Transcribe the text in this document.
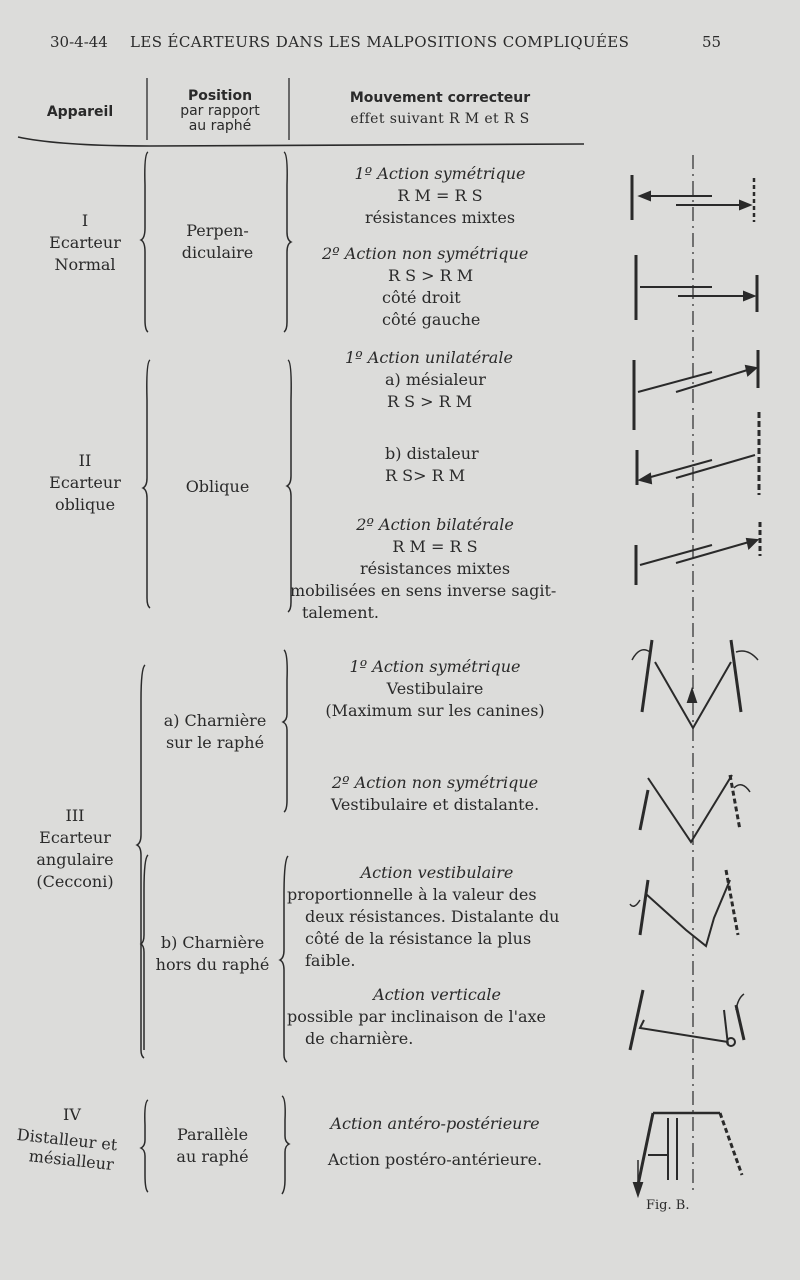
30-4-44 LES ÉCARTEURS DANS LES MALPOSITIONS COMPLIQUÉES	55
Appareil
Position
par rapport
au raphé
Mouvement correcteur
effet suivant R M et R S
I
Ecarteur
Normal
Perpen-
diculaire
1º Action symétrique
R M = R S
résistances mixtes
2º Action non symétrique
R S > R M
côté droit
côté gauche
II
Ecarteur
oblique
Oblique
1º Action unilatérale
a) mésialeur
R S > R M
b) distaleur
R S> R M
2º Action bilatérale
R M = R S
résistances mixtes
mobilisées en sens inverse sagit-
talement.
III
Ecarteur
angulaire
(Cecconi)
a) Charnière
sur le raphé
b) Charnière
hors du raphé
1º Action symétrique
Vestibulaire
(Maximum sur les canines)
2º Action non symétrique
Vestibulaire et distalante.
Action vestibulaire
proportionnelle à la valeur des
deux résistances. Distalante du
côté de la résistance la plus
faible.
Action verticale
possible par inclinaison de l'axe
de charnière.
IV
Distalleur et
mésialleur
Parallèle
au raphé
Action antéro-postérieure
Action postéro-antérieure.
Fig. B.
